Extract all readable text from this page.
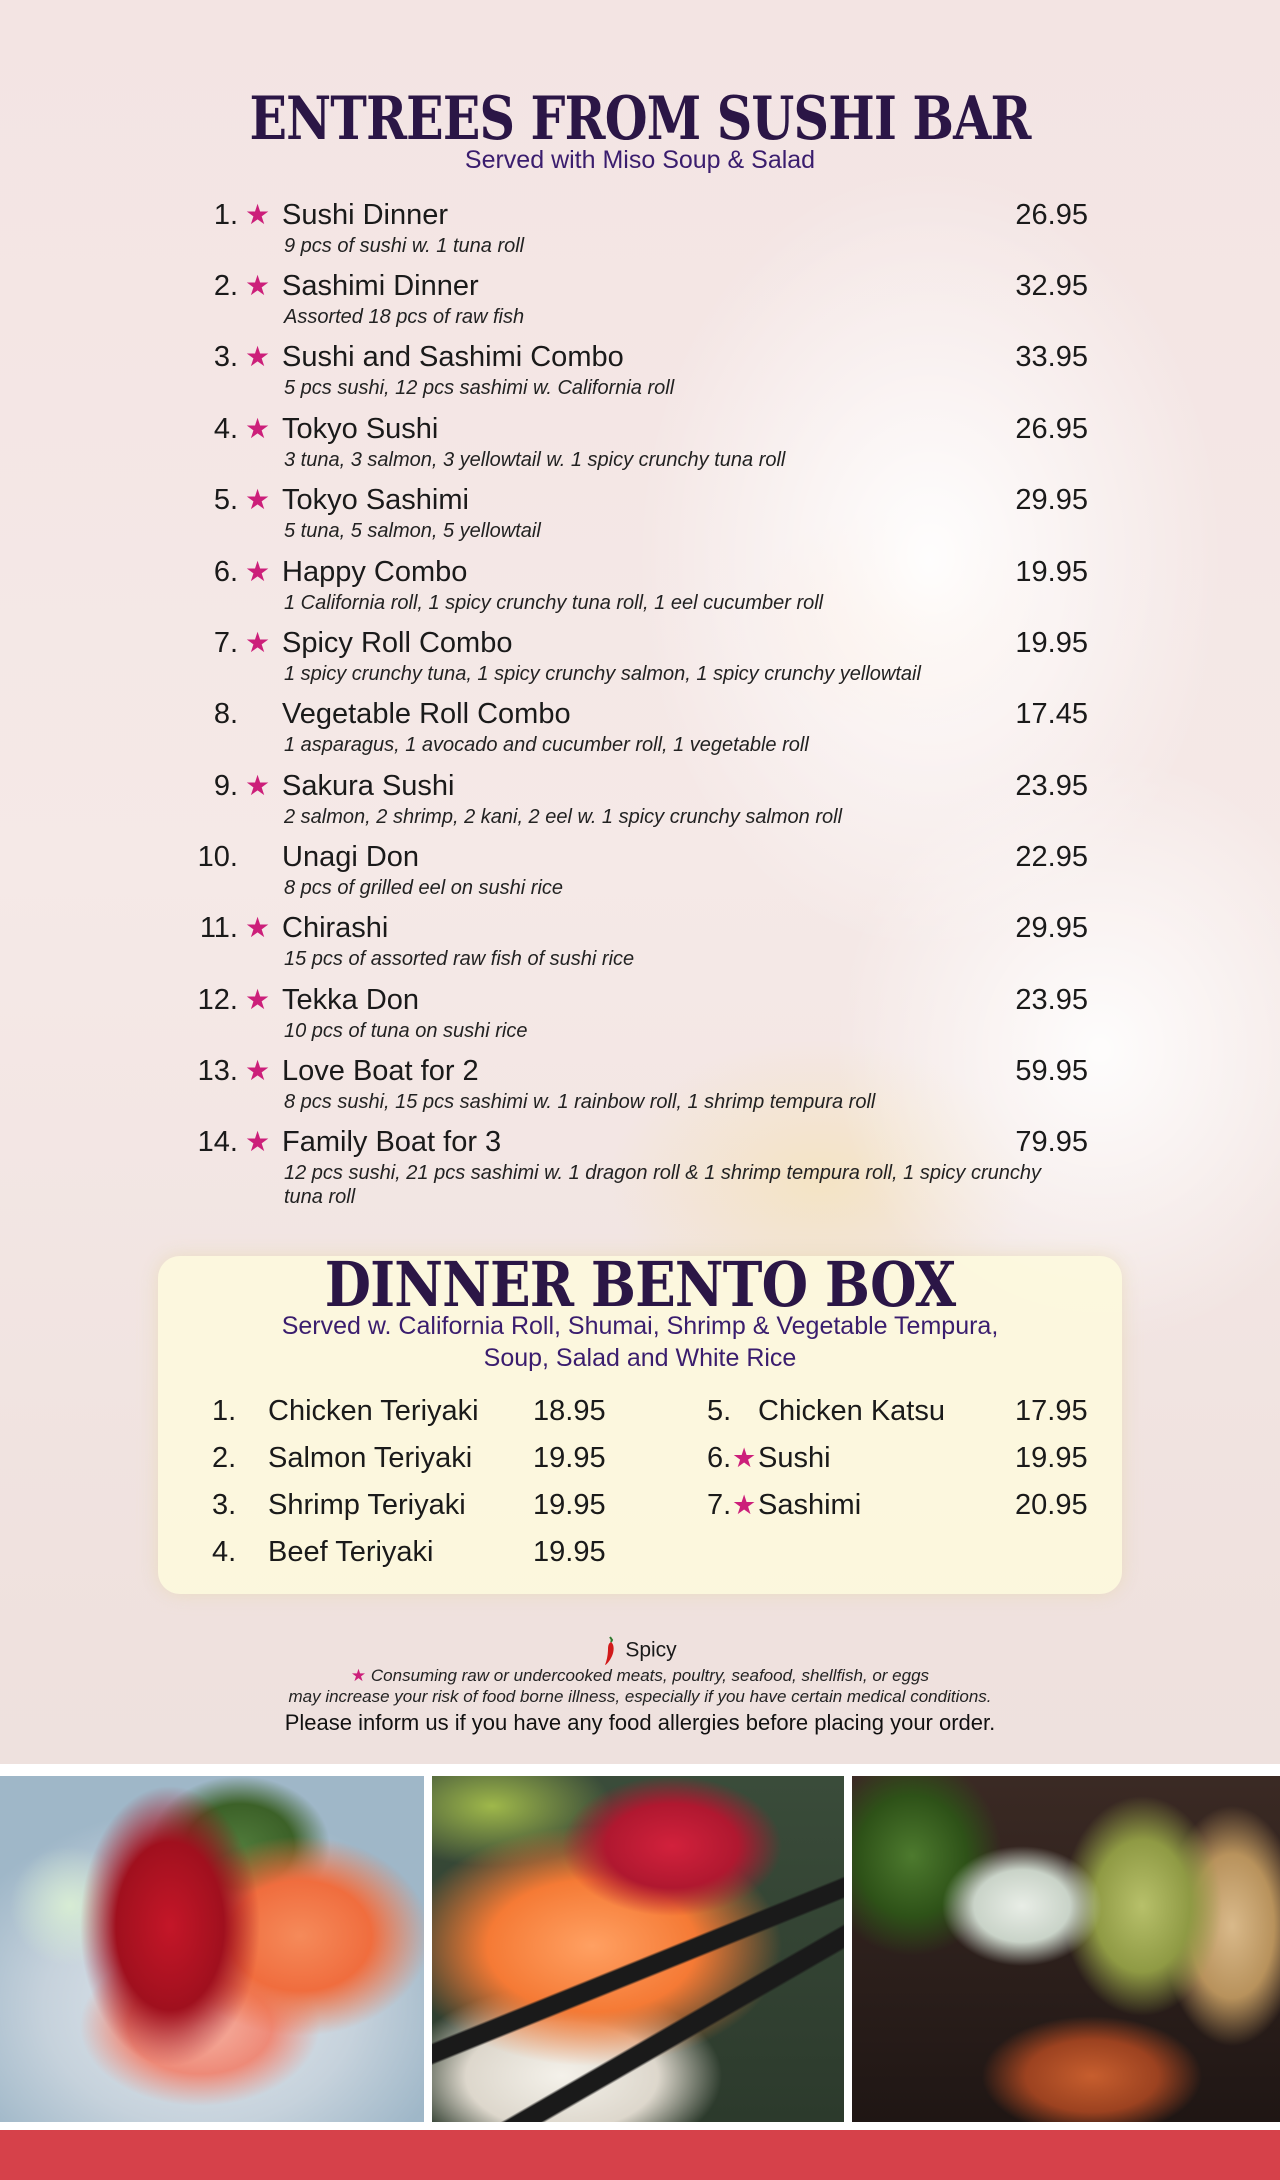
ENTREES FROM SUSHI BAR
Served with Miso Soup & Salad
1. ★ Sushi Dinner	26.95
9 pcs of sushi w. 1 tuna roll
2. ★ Sashimi Dinner	32.95
Assorted 18 pcs of raw fish
3. ★ Sushi and Sashimi Combo	33.95
5 pcs sushi, 12 pcs sashimi w. California roll
4. ★ Tokyo Sushi	26.95
3 tuna, 3 salmon, 3 yellowtail w. 1 spicy crunchy tuna roll
5. ★ Tokyo Sashimi	29.95
5 tuna, 5 salmon, 5 yellowtail
6. ★ Happy Combo	19.95
1 California roll, 1 spicy crunchy tuna roll, 1 eel cucumber roll
7. ★ Spicy Roll Combo	19.95
1 spicy crunchy tuna, 1 spicy crunchy salmon, 1 spicy crunchy yellowtail
8. Vegetable Roll Combo	17.45
1 asparagus, 1 avocado and cucumber roll, 1 vegetable roll
9. ★ Sakura Sushi	23.95
2 salmon, 2 shrimp, 2 kani, 2 eel w. 1 spicy crunchy salmon roll
10. Unagi Don	22.95
8 pcs of grilled eel on sushi rice
11. ★ Chirashi	29.95
15 pcs of assorted raw fish of sushi rice
12. ★ Tekka Don	23.95
10 pcs of tuna on sushi rice
13. ★ Love Boat for 2	59.95
8 pcs sushi, 15 pcs sashimi w. 1 rainbow roll, 1 shrimp tempura roll
14. ★ Family Boat for 3	79.95
12 pcs sushi, 21 pcs sashimi w. 1 dragon roll & 1 shrimp tempura roll, 1 spicy crunchy tuna roll
DINNER BENTO BOX
Served w. California Roll, Shumai, Shrimp & Vegetable Tempura,
Soup, Salad and White Rice
1. Chicken Teriyaki 18.95
2. Salmon Teriyaki 19.95
3. Shrimp Teriyaki 19.95
4. Beef Teriyaki	19.95
5. Chicken Katsu 17.95
6. ★ Sushi	19.95
7. ★ Sashimi	20.95
Spicy
★ Consuming raw or undercooked meats, poultry, seafood, shellfish, or eggs
may increase your risk of food borne illness, especially if you have certain medical conditions.
Please inform us if you have any food allergies before placing your order.
